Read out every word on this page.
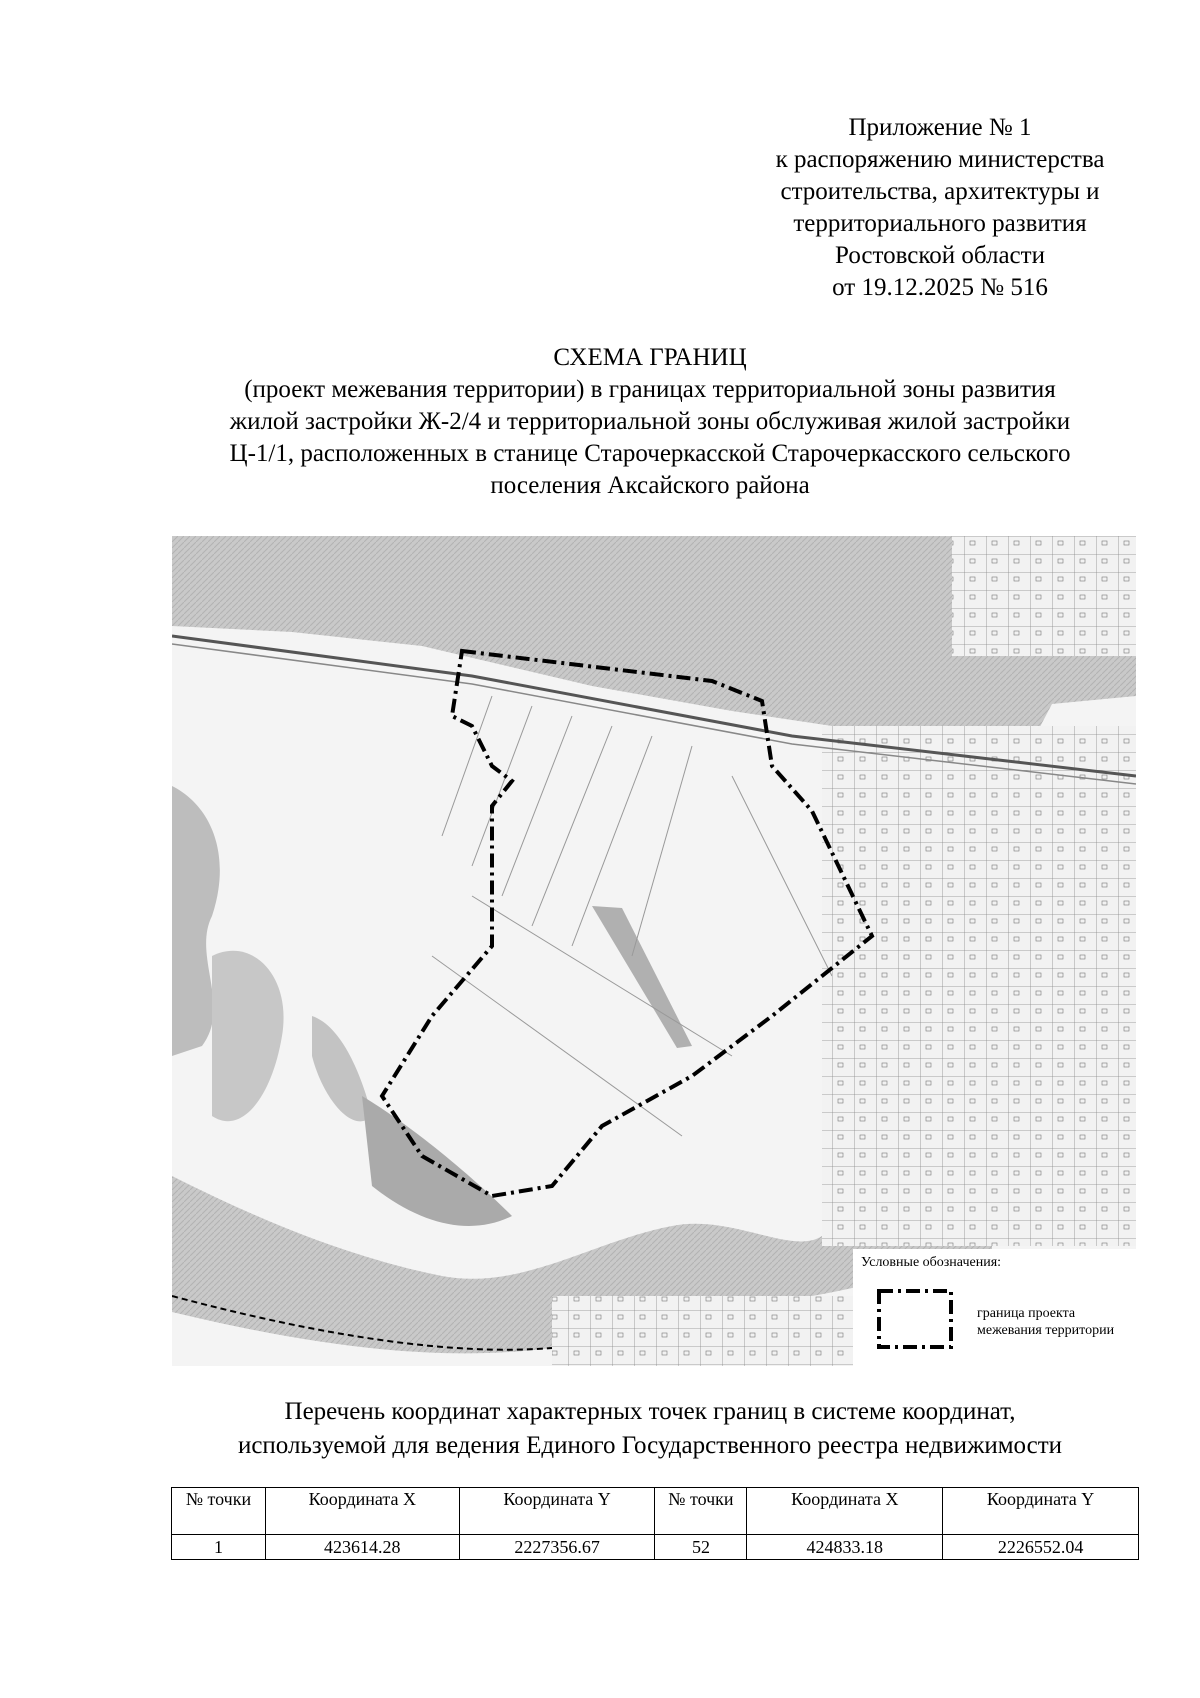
Приложение № 1
к распоряжению министерства
строительства, архитектуры и
территориального развития
Ростовской области
от 19.12.2025 № 516
СХЕМА ГРАНИЦ
(проект межевания территории) в границах территориальной зоны развития
жилой застройки Ж-2/4 и территориальной зоны обслуживая жилой застройки
Ц-1/1, расположенных в станице Старочеркасской Старочеркасского сельского
поселения Аксайского района
Условные обозначения:
граница проекта
межевания территории
Перечень координат характерных точек границ в системе координат,
используемой для ведения Единого Государственного реестра недвижимости
№ точки	Координата X	Координата Y	№ точки	Координата X	Координата Y
1	423614.28	2227356.67	52	424833.18	2226552.04
